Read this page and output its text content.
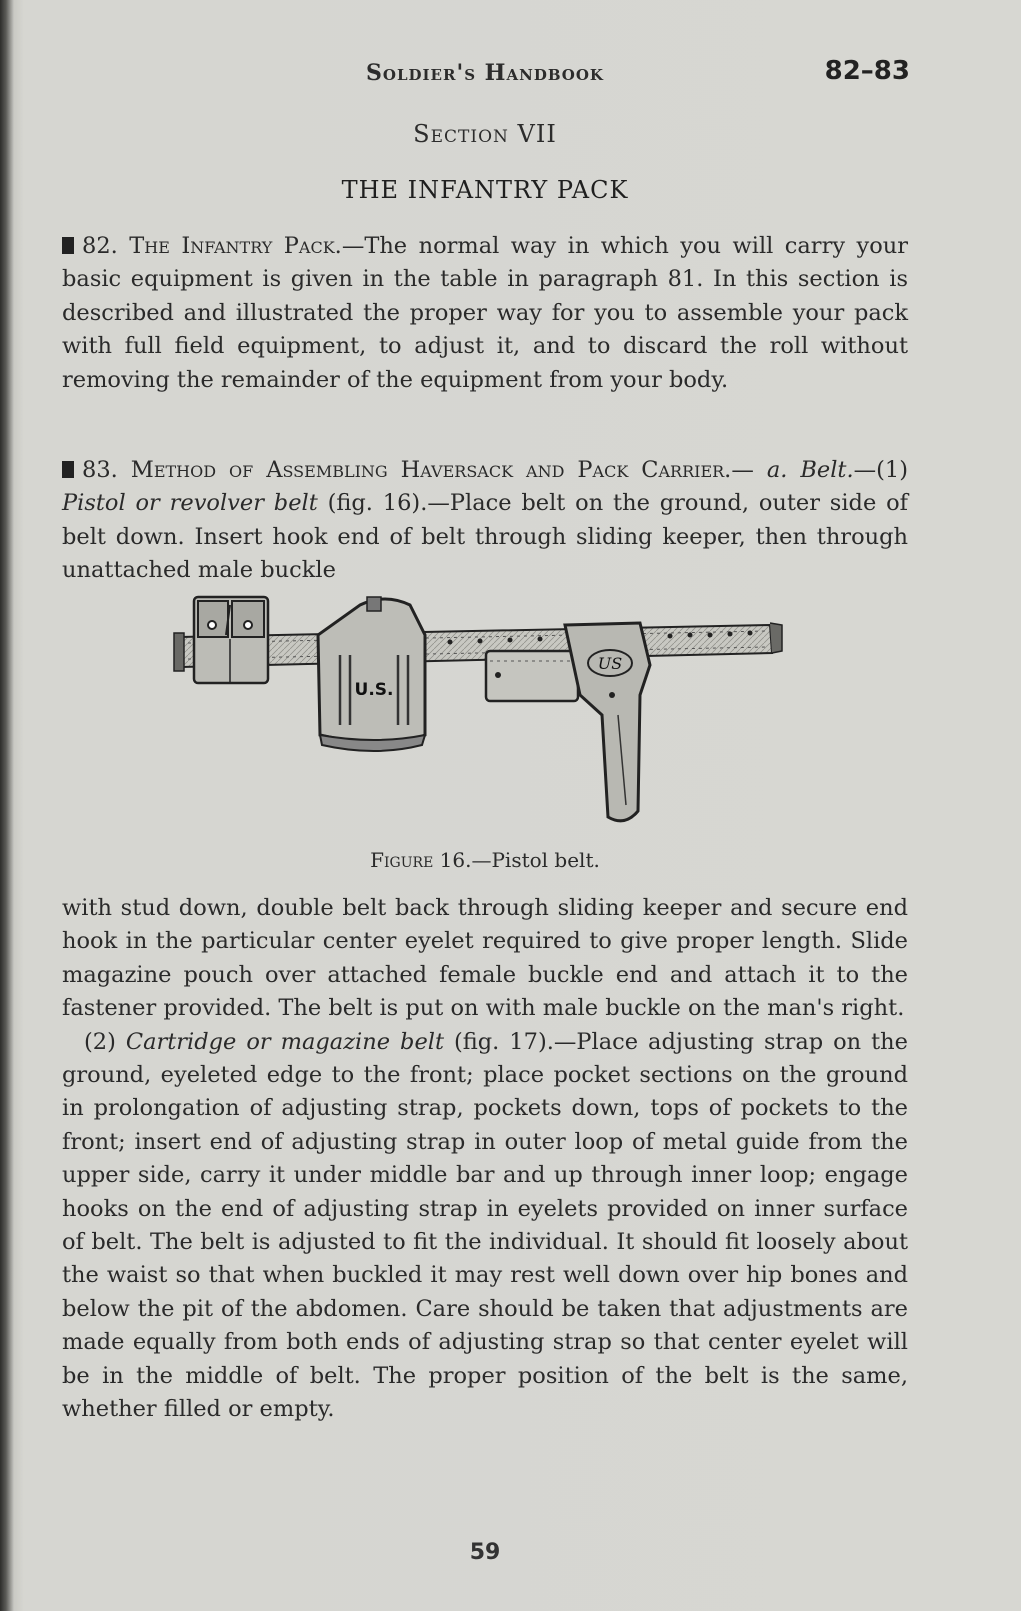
Soldier's Handbook	82–83
Section VII
THE INFANTRY PACK

82. The Infantry Pack.—The normal way in which you will carry your basic equipment is given in the table in paragraph 81. In this section is described and illustrated the proper way for you to assemble your pack with full field equipment, to adjust it, and to discard the roll without removing the remainder of the equipment from your body.

83. Method of Assembling Haversack and Pack Carrier.— a. Belt.—(1) Pistol or revolver belt (fig. 16).—Place belt on the ground, outer side of belt down. Insert hook end of belt through sliding keeper, then through unattached male buckle

U.S.
US
Figure 16.—Pistol belt.

with stud down, double belt back through sliding keeper and secure end hook in the particular center eyelet required to give proper length. Slide magazine pouch over attached female buckle end and attach it to the fastener provided. The belt is put on with male buckle on the man's right.

(2) Cartridge or magazine belt (fig. 17).—Place adjusting strap on the ground, eyeleted edge to the front; place pocket sections on the ground in prolongation of adjusting strap, pockets down, tops of pockets to the front; insert end of adjusting strap in outer loop of metal guide from the upper side, carry it under middle bar and up through inner loop; engage hooks on the end of adjusting strap in eyelets provided on inner surface of belt. The belt is adjusted to fit the individual. It should fit loosely about the waist so that when buckled it may rest well down over hip bones and below the pit of the abdomen. Care should be taken that adjustments are made equally from both ends of adjusting strap so that center eyelet will be in the middle of belt. The proper position of the belt is the same, whether filled or empty.

59
